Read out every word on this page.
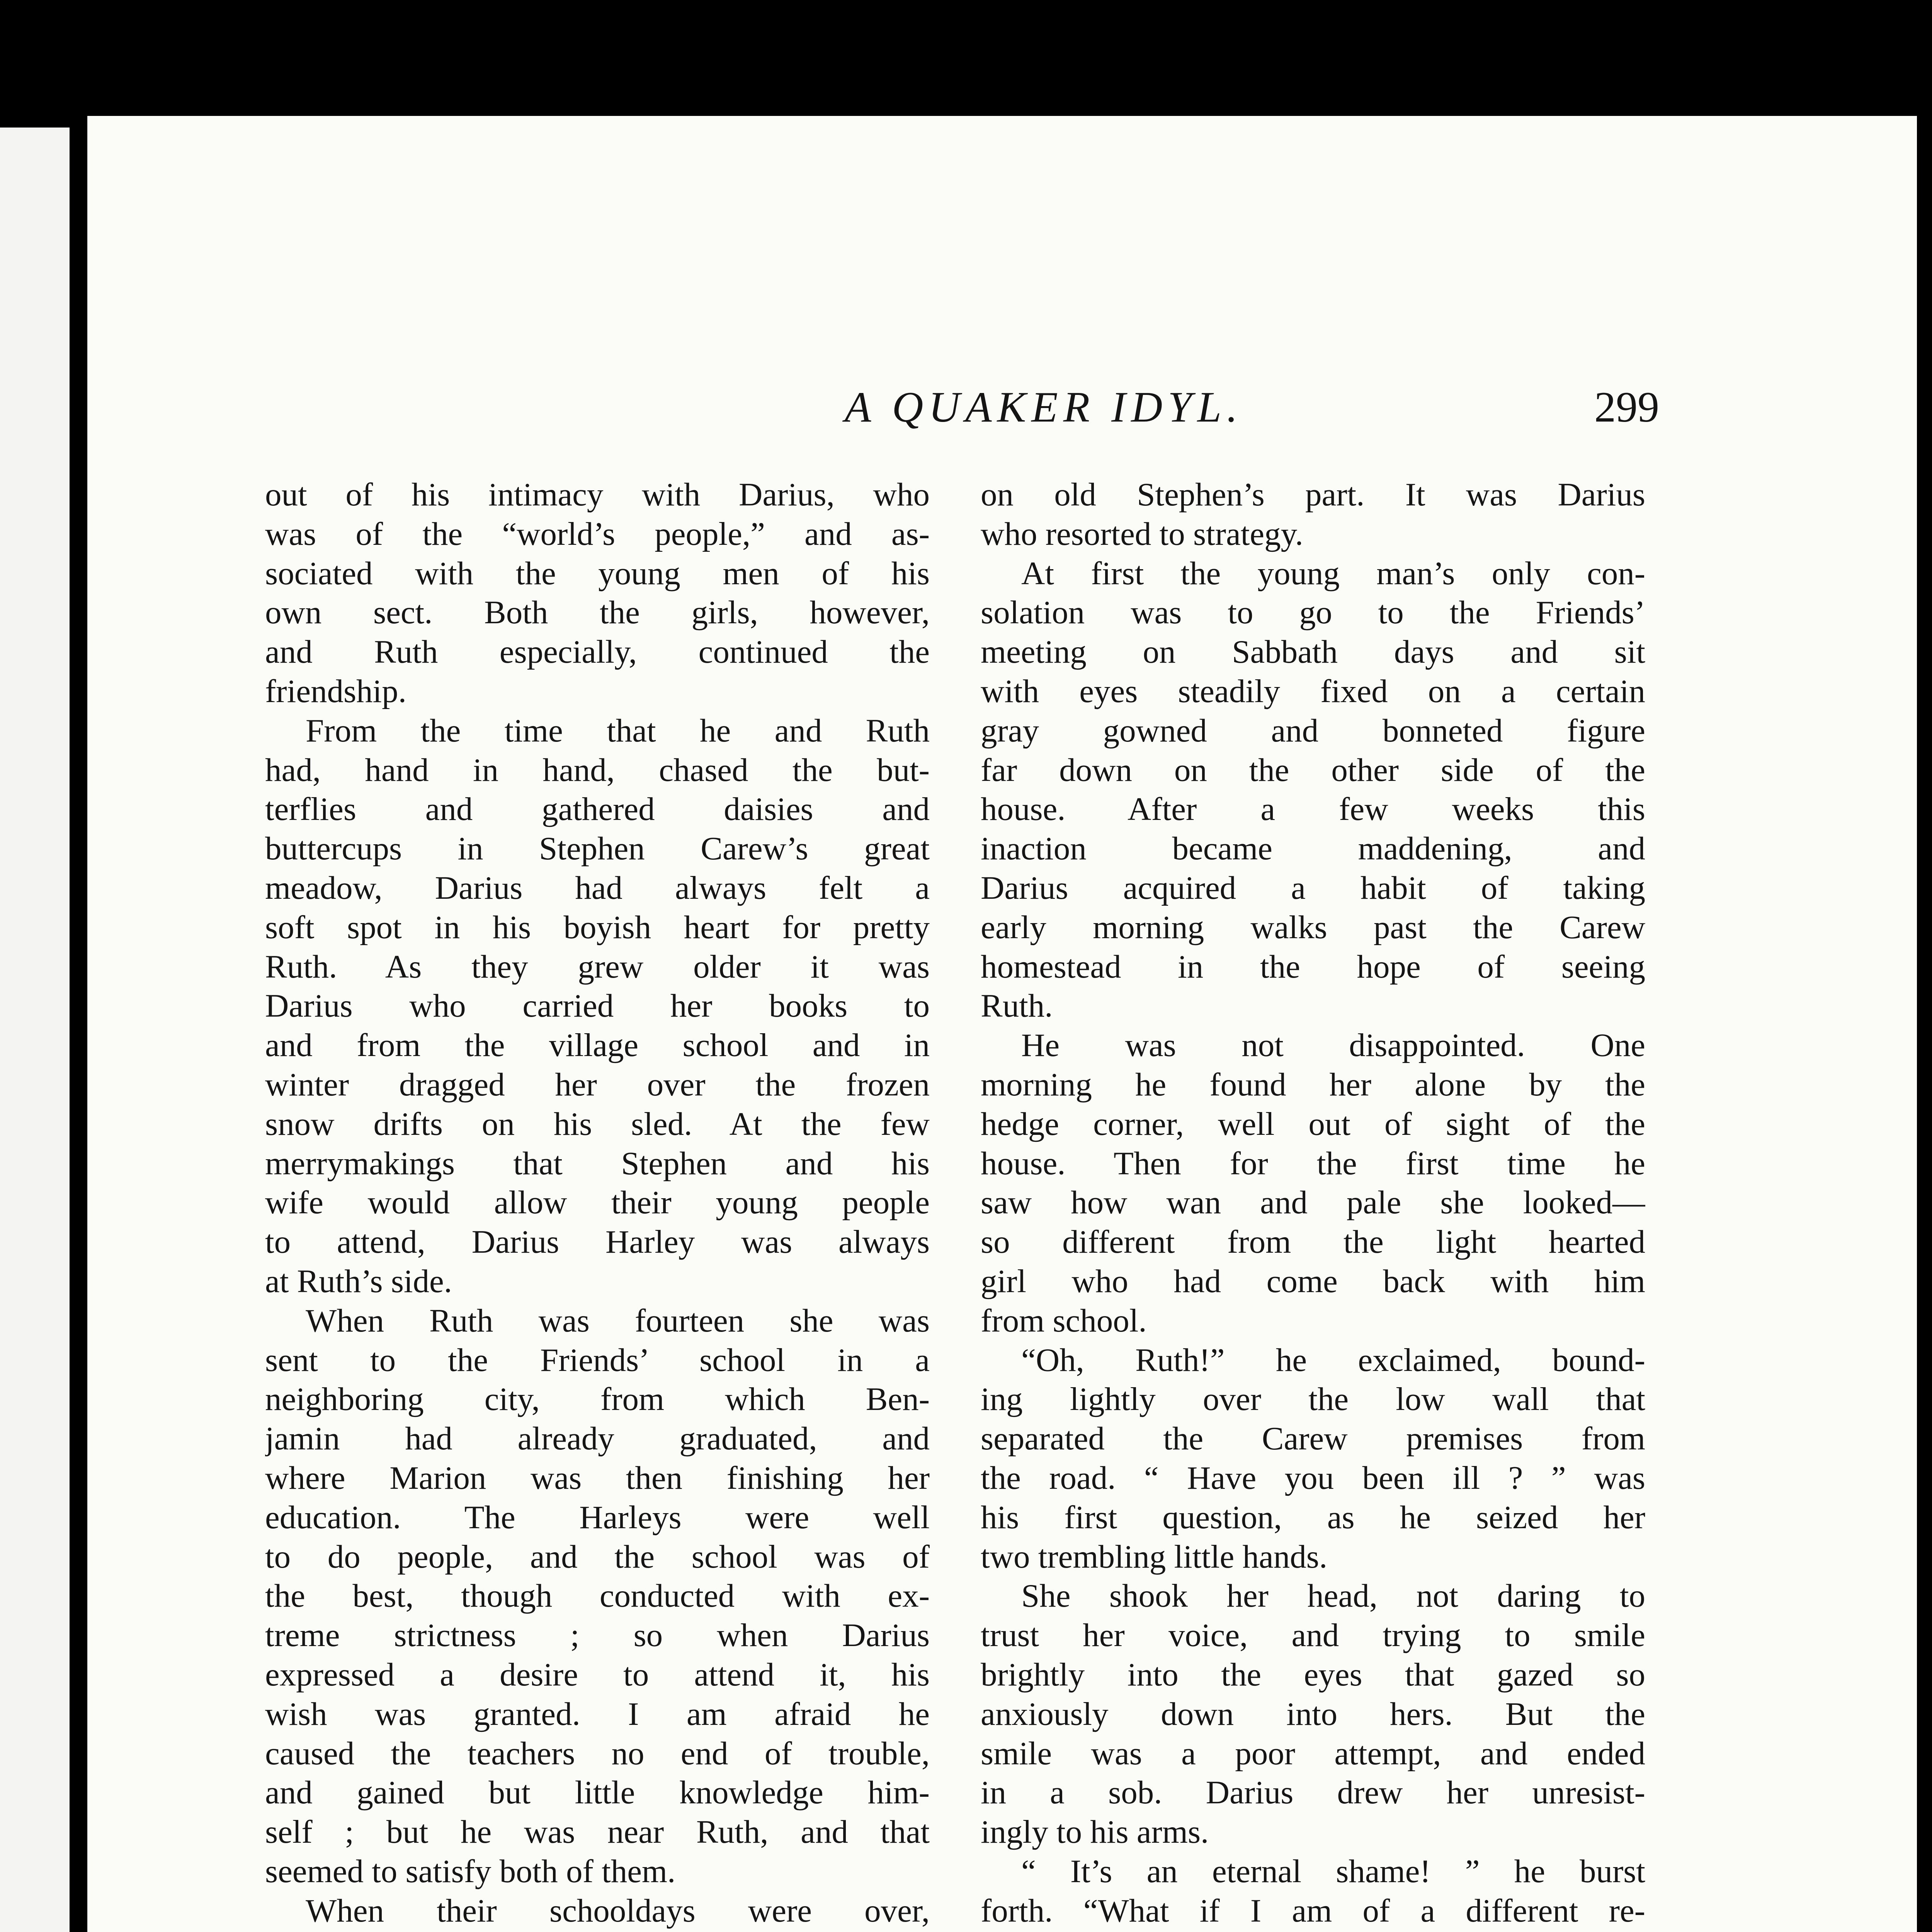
A QUAKER IDYL.	299
out of his intimacy with Darius, who
was of the “world’s people,” and as-
sociated with the young men of his
own sect. Both the girls, however,
and Ruth especially, continued the
friendship.
From the time that he and Ruth
had, hand in hand, chased the but-
terflies and gathered daisies and
buttercups in Stephen Carew’s great
meadow, Darius had always felt a
soft spot in his boyish heart for pretty
Ruth. As they grew older it was
Darius who carried her books to
and from the village school and in
winter dragged her over the frozen
snow drifts on his sled. At the few
merrymakings that Stephen and his
wife would allow their young people
to attend, Darius Harley was always
at Ruth’s side.
When Ruth was fourteen she was
sent to the Friends’ school in a
neighboring city, from which Ben-
jamin had already graduated, and
where Marion was then finishing her
education. The Harleys were well
to do people, and the school was of
the best, though conducted with ex-
treme strictness ; so when Darius
expressed a desire to attend it, his
wish was granted. I am afraid he
caused the teachers no end of trouble,
and gained but little knowledge him-
self ; but he was near Ruth, and that
seemed to satisfy both of them.
When their schooldays were over,
on old Stephen’s part. It was Darius
who resorted to strategy.
At first the young man’s only con-
solation was to go to the Friends’
meeting on Sabbath days and sit
with eyes steadily fixed on a certain
gray gowned and bonneted figure
far down on the other side of the
house. After a few weeks this
inaction became maddening, and
Darius acquired a habit of taking
early morning walks past the Carew
homestead in the hope of seeing
Ruth.
He was not disappointed. One
morning he found her alone by the
hedge corner, well out of sight of the
house. Then for the first time he
saw how wan and pale she looked—
so different from the light hearted
girl who had come back with him
from school.
“Oh, Ruth!” he exclaimed, bound-
ing lightly over the low wall that
separated the Carew premises from
the road. “ Have you been ill ? ” was
his first question, as he seized her
two trembling little hands.
She shook her head, not daring to
trust her voice, and trying to smile
brightly into the eyes that gazed so
anxiously down into hers. But the
smile was a poor attempt, and ended
in a sob. Darius drew her unresist-
ingly to his arms.
“ It’s an eternal shame! ” he burst
forth. “What if I am of a different re-
